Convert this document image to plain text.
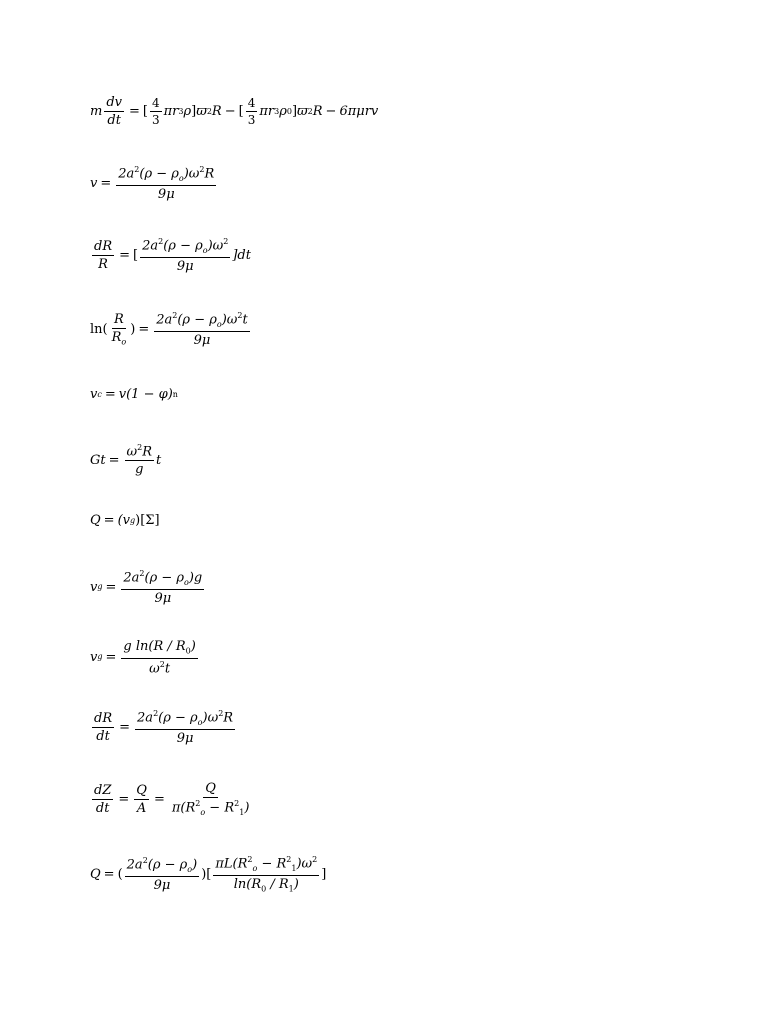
m $\frac{dv}{dt}$ = [ $\frac{4}{3}$ πr 3 ρ ] ϖ 2 R − [ $\frac{4}{3}$ πr 3 ρ 0 ] ϖ 2 R − 6πμrv
$v = \frac{2a^2(\rho - \rho_o)\omega^2R}{9\mu}$
$\frac{dR}{R}$ = [ $\frac{2a^2(\rho - \rho_o)\omega^2}{9\mu} ]dt$
$\ln( \frac{R}{R_o}$ ) = $\frac{2a^2(\rho - \rho_o)\omega^2t}{9\mu}$
v c = v(1 − φ) n
$Gt = \frac{\omega^2R}{g}$ t
Q = (v g )[Σ]
v $g = \frac{2a^2(\rho - \rho_o)g}{9\mu}$
v $g = \frac{g \ln(R / R_0)}{\omega^2t}$
$\frac{dR}{dt} = \frac{2a^2(\rho - \rho_o)\omega^2R}{9\mu}$
$\frac{dZ}{dt} = \frac{Q}{A} = \frac{Q}{\pi(R^2_o - R^2_1)}$
Q = ( $\frac{2a^2(\rho - \rho_o)}{9\mu}$ )[ $\frac{\pi L(R^2_o - R^2_1)\omega^2}{\ln(R_0 / R_1)}$ ]
